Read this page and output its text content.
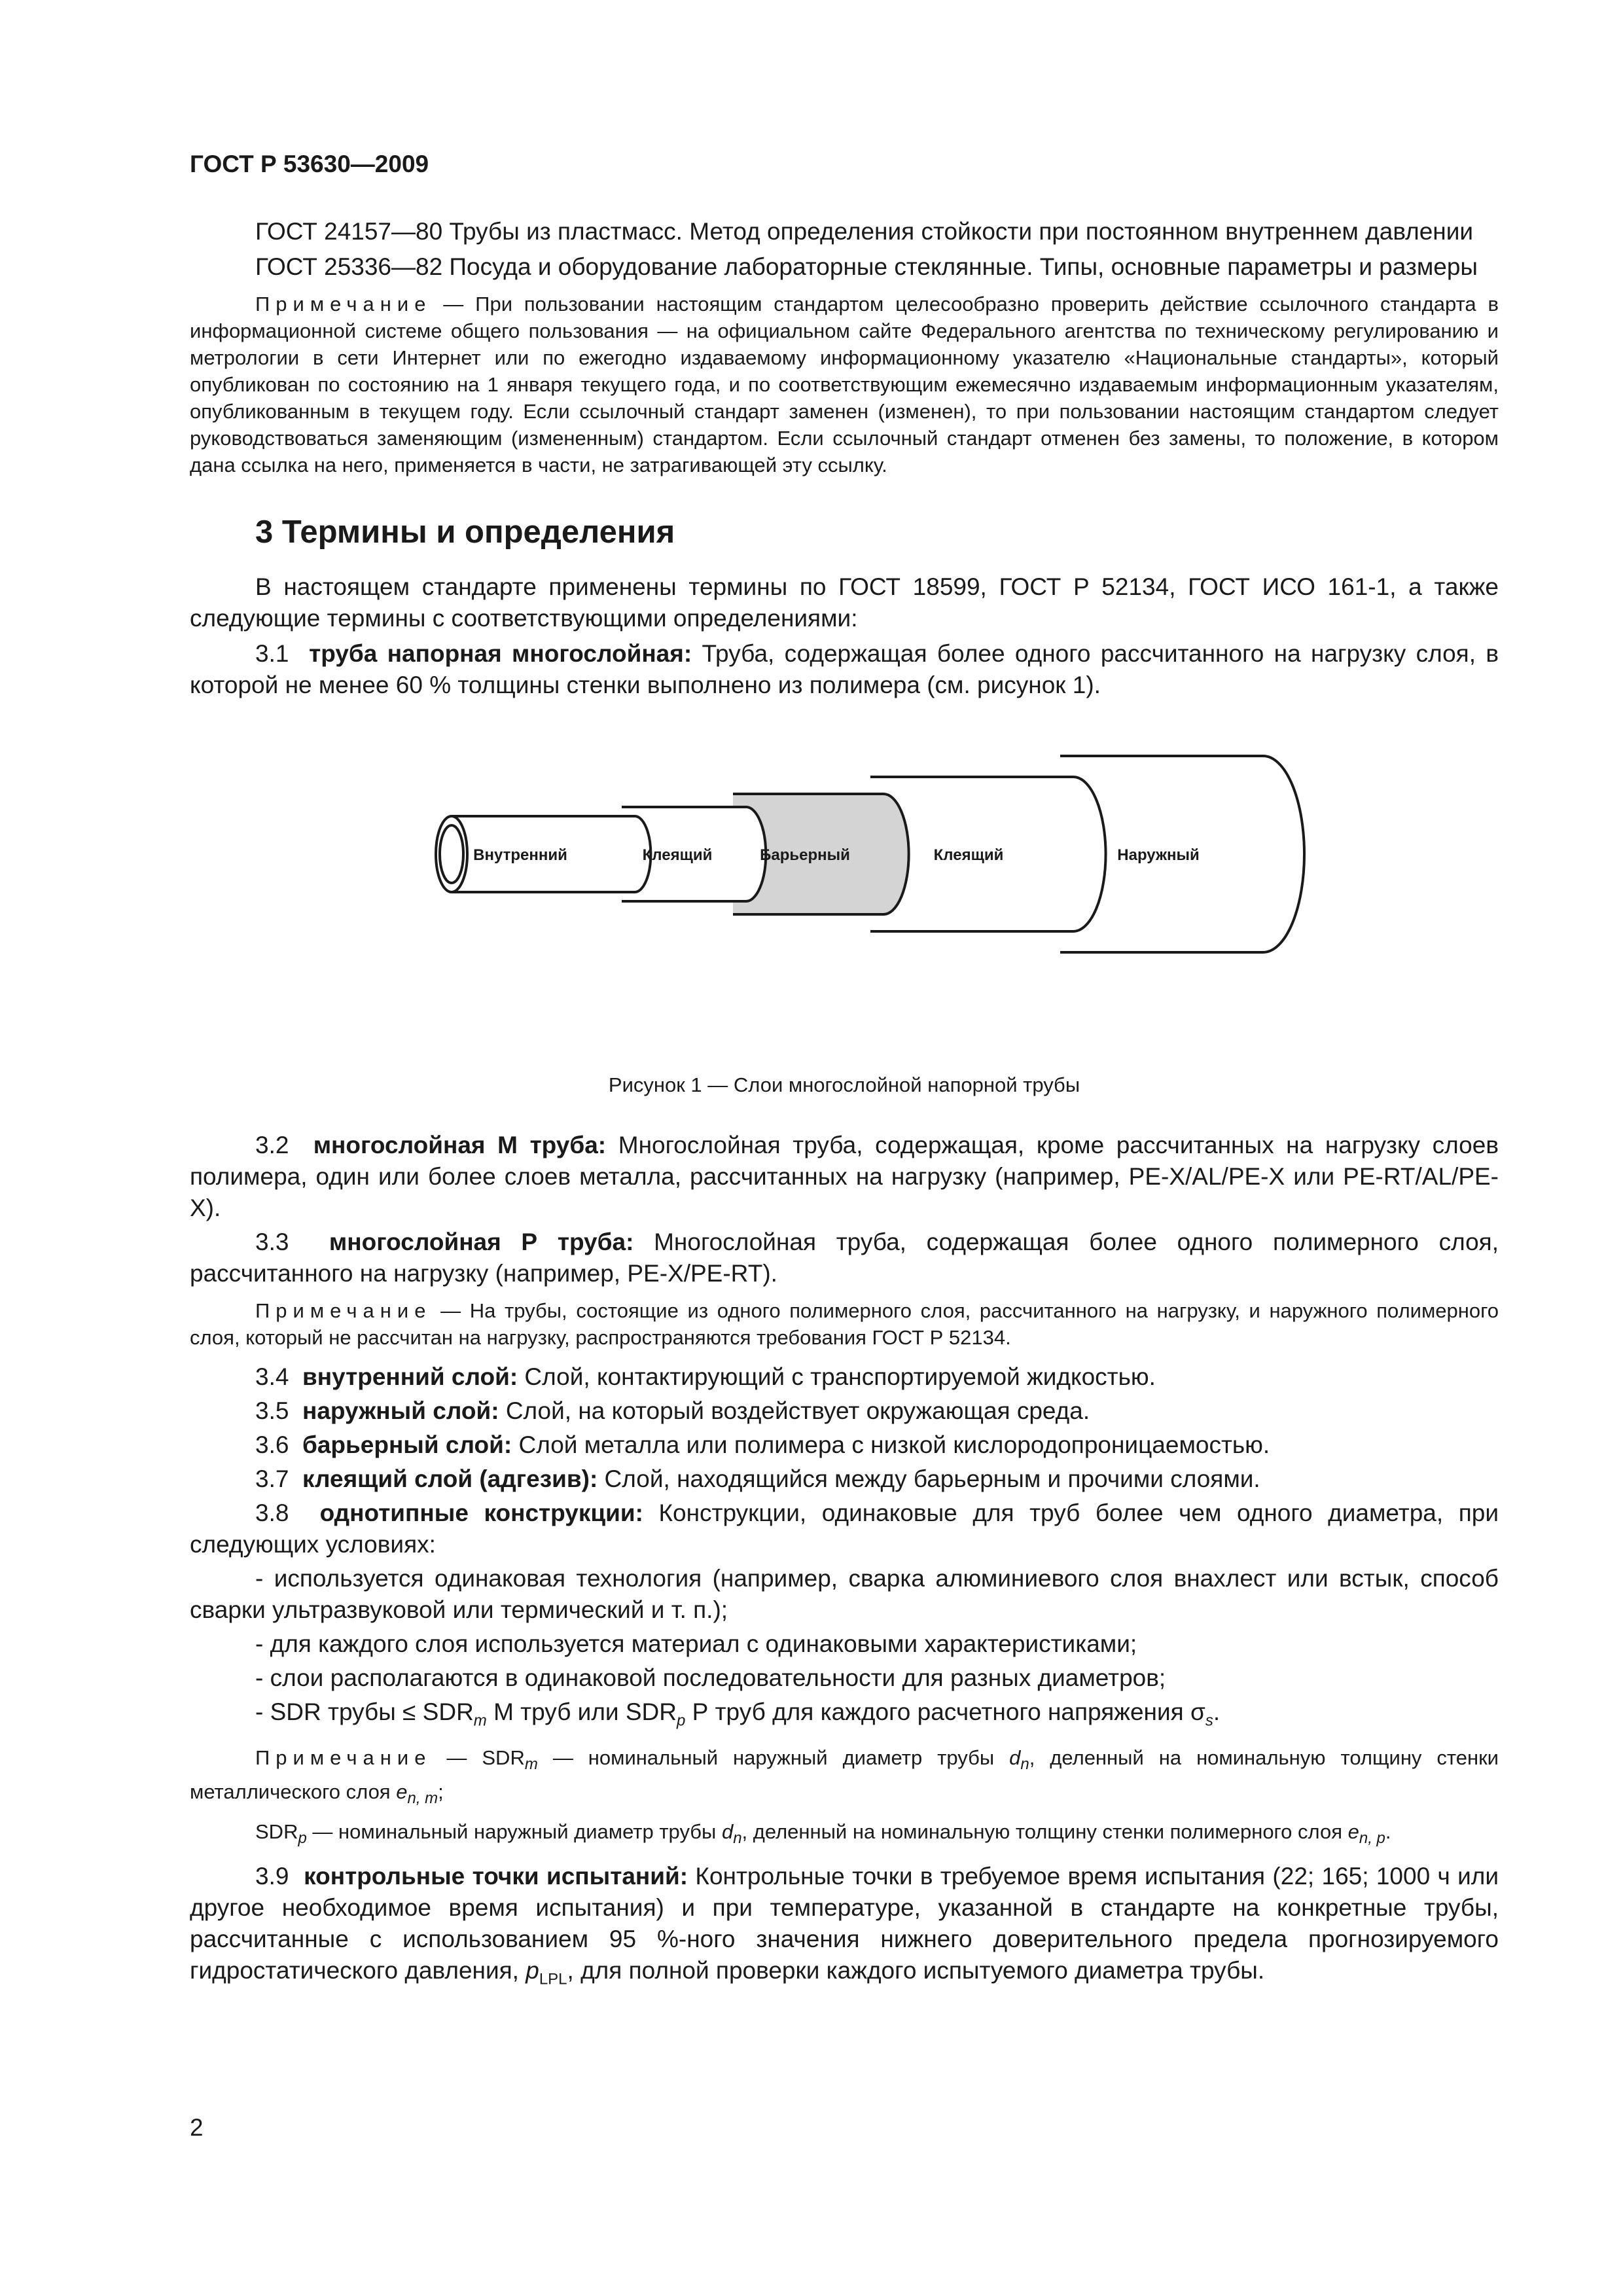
ГОСТ Р 53630—2009
ГОСТ 24157—80 Трубы из пластмасс. Метод определения стойкости при постоянном внутреннем давлении
ГОСТ 25336—82 Посуда и оборудование лабораторные стеклянные. Типы, основные параметры и размеры
Примечание — При пользовании настоящим стандартом целесообразно проверить действие ссылочного стандарта в информационной системе общего пользования — на официальном сайте Федерального агентства по техническому регулированию и метрологии в сети Интернет или по ежегодно издаваемому информационному указателю «Национальные стандарты», который опубликован по состоянию на 1 января текущего года, и по соответствующим ежемесячно издаваемым информационным указателям, опубликованным в текущем году. Если ссылочный стандарт заменен (изменен), то при пользовании настоящим стандартом следует руководствоваться заменяющим (измененным) стандартом. Если ссылочный стандарт отменен без замены, то положение, в котором дана ссылка на него, применяется в части, не затрагивающей эту ссылку.
3 Термины и определения
В настоящем стандарте применены термины по ГОСТ 18599, ГОСТ Р 52134, ГОСТ ИСО 161-1, а также следующие термины с соответствующими определениями:
3.1 труба напорная многослойная: Труба, содержащая более одного рассчитанного на нагрузку слоя, в которой не менее 60 % толщины стенки выполнено из полимера (см. рисунок 1).
Внутренний	Клеящий	Барьерный	Клеящий	Наружный
Рисунок 1 — Слои многослойной напорной трубы
3.2 многослойная М труба: Многослойная труба, содержащая, кроме рассчитанных на нагрузку слоев полимера, один или более слоев металла, рассчитанных на нагрузку (например, PE-X/AL/PE-X или PE-RT/AL/PE-X).
3.3 многослойная Р труба: Многослойная труба, содержащая более одного полимерного слоя, рассчитанного на нагрузку (например, PE-X/PE-RT).
Примечание — На трубы, состоящие из одного полимерного слоя, рассчитанного на нагрузку, и наружного полимерного слоя, который не рассчитан на нагрузку, распространяются требования ГОСТ Р 52134.
3.4 внутренний слой: Слой, контактирующий с транспортируемой жидкостью.
3.5 наружный слой: Слой, на который воздействует окружающая среда.
3.6 барьерный слой: Слой металла или полимера с низкой кислородопроницаемостью.
3.7 клеящий слой (адгезив): Слой, находящийся между барьерным и прочими слоями.
3.8 однотипные конструкции: Конструкции, одинаковые для труб более чем одного диаметра, при следующих условиях:
- используется одинаковая технология (например, сварка алюминиевого слоя внахлест или встык, способ сварки ультразвуковой или термический и т. п.);
- для каждого слоя используется материал с одинаковыми характеристиками;
- слои располагаются в одинаковой последовательности для разных диаметров;
- SDR трубы ≤ $SDR_m$ М труб или $SDR_p$ Р труб для каждого расчетного напряжения $\sigma_s$.
Примечание — $SDR_m$ — номинальный наружный диаметр трубы $d_n$, деленный на номинальную толщину стенки металлического слоя $e_{n, m}$;
$SDR_p$ — номинальный наружный диаметр трубы $d_n$, деленный на номинальную толщину стенки полимерного слоя $e_{n, p}$.
3.9 контрольные точки испытаний: Контрольные точки в требуемое время испытания (22; 165; 1000 ч или другое необходимое время испытания) и при температуре, указанной в стандарте на конкретные трубы, рассчитанные с использованием 95 %-ного значения нижнего доверительного предела прогнозируемого гидростатического давления, $p_{LPL}$, для полной проверки каждого испытуемого диаметра трубы.
2
